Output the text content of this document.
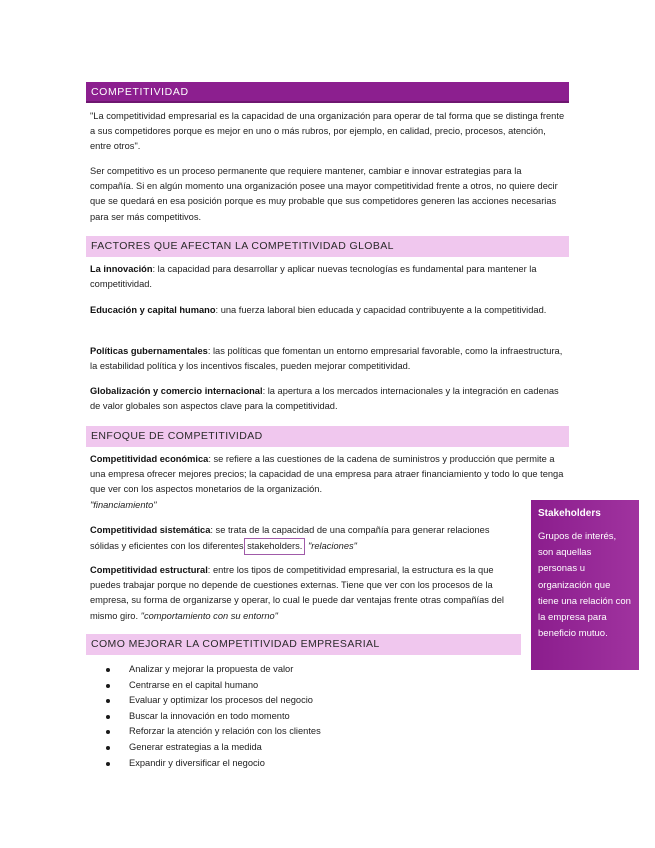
COMPETITIVIDAD

"La competitividad empresarial es la capacidad de una organización para operar de tal forma que se distinga frente a sus competidores porque es mejor en uno o más rubros, por ejemplo, en calidad, precio, procesos, atención, entre otros".

Ser competitivo es un proceso permanente que requiere mantener, cambiar e innovar estrategias para la compañía. Si en algún momento una organización posee una mayor competitividad frente a otros, no quiere decir que se quedará en esa posición porque es muy probable que sus competidores generen las acciones necesarias para ser más competitivos.

FACTORES QUE AFECTAN LA COMPETITIVIDAD GLOBAL

La innovación: la capacidad para desarrollar y aplicar nuevas tecnologías es fundamental para mantener la competitividad.

Educación y capital humano: una fuerza laboral bien educada y capacidad contribuyente a la competitividad.

Políticas gubernamentales: las políticas que fomentan un entorno empresarial favorable, como la infraestructura, la estabilidad política y los incentivos fiscales, pueden mejorar competitividad.

Globalización y comercio internacional: la apertura a los mercados internacionales y la integración en cadenas de valor globales son aspectos clave para la competitividad.

ENFOQUE DE COMPETITIVIDAD

Competitividad económica: se refiere a las cuestiones de la cadena de suministros y producción que permite a una empresa ofrecer mejores precios; la capacidad de una empresa para atraer financiamiento y todo lo que tenga que ver con los aspectos monetarios de la organización.
"financiamiento"

Competitividad sistemática: se trata de la capacidad de una compañía para generar relaciones sólidas y eficientes con los diferentes stakeholders. "relaciones"

Competitividad estructural: entre los tipos de competitividad empresarial, la estructura es la que puedes trabajar porque no depende de cuestiones externas. Tiene que ver con los procesos de la empresa, su forma de organizarse y operar, lo cual le puede dar ventajas frente otras compañías del mismo giro. "comportamiento con su entorno"

COMO MEJORAR LA COMPETITIVIDAD EMPRESARIAL
Analizar y mejorar la propuesta de valor
Centrarse en el capital humano
Evaluar y optimizar los procesos del negocio
Buscar la innovación en todo momento
Reforzar la atención y relación con los clientes
Generar estrategias a la medida
Expandir y diversificar el negocio
Stakeholders
Grupos de interés, son aquellas personas u organización que tiene una relación con la empresa para beneficio mutuo.
